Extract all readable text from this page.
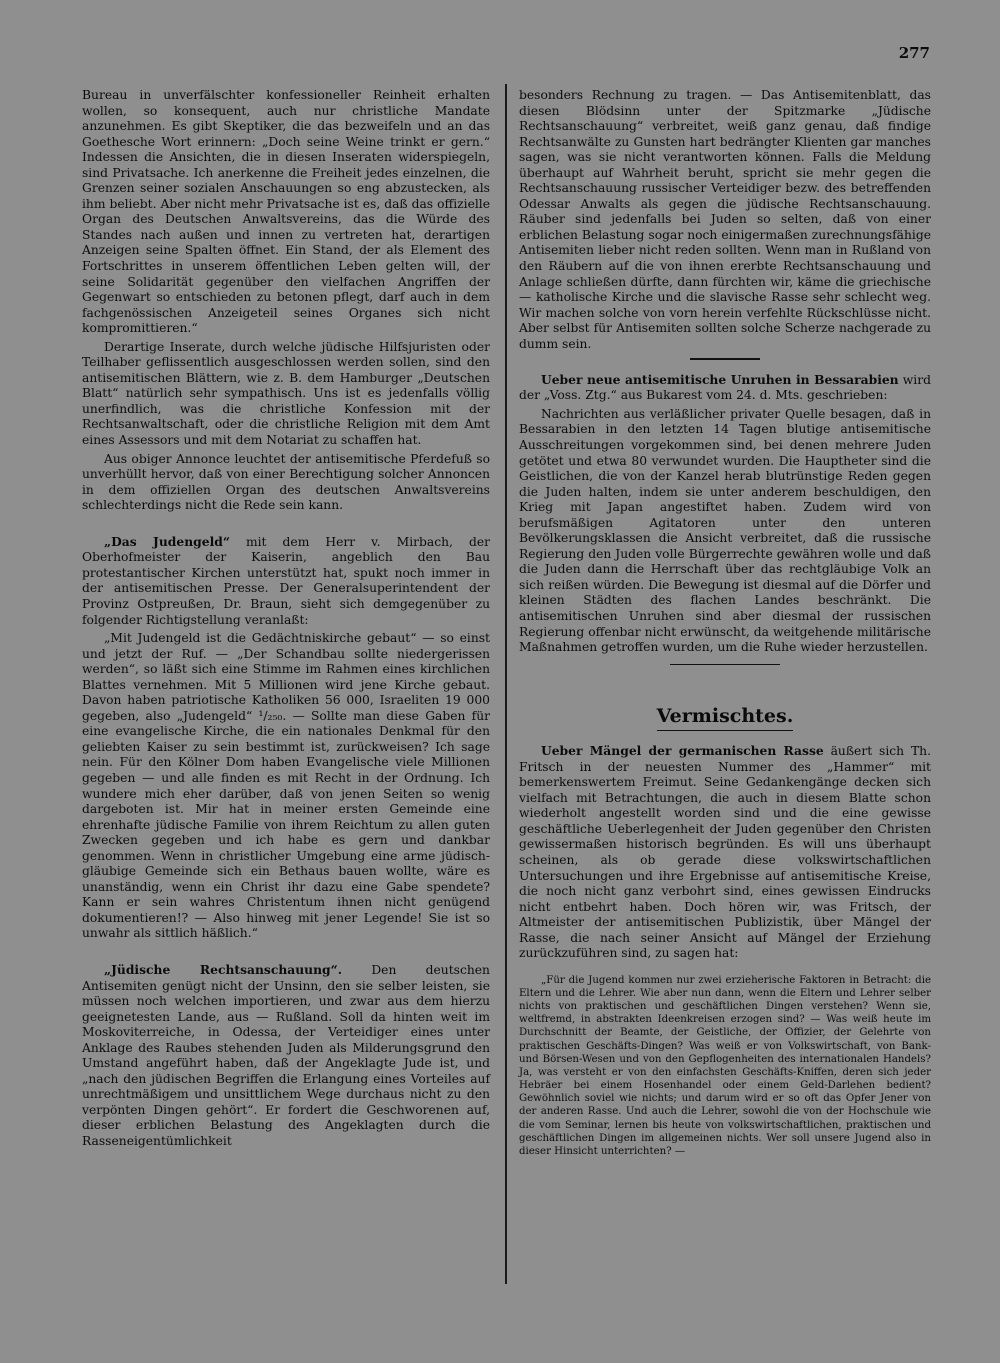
277

Bureau in unverfälschter konfessioneller Reinheit erhalten wollen, so konsequent, auch nur christliche Mandate anzunehmen. Es gibt Skeptiker, die das bezweifeln und an das Goethesche Wort erinnern: „Doch seine Weine trinkt er gern.“ Indessen die Ansichten, die in diesen Inseraten widerspiegeln, sind Privatsache. Ich anerkenne die Freiheit jedes einzelnen, die Grenzen seiner sozialen Anschauungen so eng abzustecken, als ihm beliebt. Aber nicht mehr Privatsache ist es, daß das offizielle Organ des Deutschen Anwaltsvereins, das die Würde des Standes nach außen und innen zu vertreten hat, derartigen Anzeigen seine Spalten öffnet. Ein Stand, der als Element des Fortschrittes in unserem öffentlichen Leben gelten will, der seine Solidarität gegenüber den vielfachen Angriffen der Gegenwart so entschieden zu betonen pflegt, darf auch in dem fachgenössischen Anzeigeteil seines Organes sich nicht kompromittieren.“

Derartige Inserate, durch welche jüdische Hilfsjuristen oder Teilhaber geflissentlich ausgeschlossen werden sollen, sind den antisemitischen Blättern, wie z. B. dem Hamburger „Deutschen Blatt“ natürlich sehr sympathisch. Uns ist es jedenfalls völlig unerfindlich, was die christliche Konfession mit der Rechtsanwaltschaft, oder die christliche Religion mit dem Amt eines Assessors und mit dem Notariat zu schaffen hat.

Aus obiger Annonce leuchtet der antisemitische Pferdefuß so unverhüllt hervor, daß von einer Berechtigung solcher Annoncen in dem offiziellen Organ des deutschen Anwaltsvereins schlechterdings nicht die Rede sein kann.

„Das Judengeld“ mit dem Herr v. Mirbach, der Oberhofmeister der Kaiserin, angeblich den Bau protestantischer Kirchen unterstützt hat, spukt noch immer in der antisemitischen Presse. Der Generalsuperintendent der Provinz Ostpreußen, Dr. Braun, sieht sich demgegenüber zu folgender Richtigstellung veranlaßt:

„Mit Judengeld ist die Gedächtniskirche gebaut“ — so einst und jetzt der Ruf. — „Der Schandbau sollte niedergerissen werden“, so läßt sich eine Stimme im Rahmen eines kirchlichen Blattes vernehmen. Mit 5 Millionen wird jene Kirche gebaut. Davon haben patriotische Katholiken 56 000, Israeliten 19 000 gegeben, also „Judengeld“ ¹/₂₅₀. — Sollte man diese Gaben für eine evangelische Kirche, die ein nationales Denkmal für den geliebten Kaiser zu sein bestimmt ist, zurückweisen? Ich sage nein. Für den Kölner Dom haben Evangelische viele Millionen gegeben — und alle finden es mit Recht in der Ordnung. Ich wundere mich eher darüber, daß von jenen Seiten so wenig dargeboten ist. Mir hat in meiner ersten Gemeinde eine ehrenhafte jüdische Familie von ihrem Reichtum zu allen guten Zwecken gegeben und ich habe es gern und dankbar genommen. Wenn in christlicher Umgebung eine arme jüdisch-gläubige Gemeinde sich ein Bethaus bauen wollte, wäre es unanständig, wenn ein Christ ihr dazu eine Gabe spendete? Kann er sein wahres Christentum ihnen nicht genügend dokumentieren!? — Also hinweg mit jener Legende! Sie ist so unwahr als sittlich häßlich.“

„Jüdische Rechtsanschauung“. Den deutschen Antisemiten genügt nicht der Unsinn, den sie selber leisten, sie müssen noch welchen importieren, und zwar aus dem hierzu geeignetesten Lande, aus — Rußland. Soll da hinten weit im Moskoviterreiche, in Odessa, der Verteidiger eines unter Anklage des Raubes stehenden Juden als Milderungsgrund den Umstand angeführt haben, daß der Angeklagte Jude ist, und „nach den jüdischen Begriffen die Erlangung eines Vorteiles auf unrechtmäßigem und unsittlichem Wege durchaus nicht zu den verpönten Dingen gehört“. Er fordert die Geschworenen auf, dieser erblichen Belastung des Angeklagten durch die Rasseneigentümlichkeit

besonders Rechnung zu tragen. — Das Antisemitenblatt, das diesen Blödsinn unter der Spitzmarke „Jüdische Rechtsanschauung“ verbreitet, weiß ganz genau, daß findige Rechtsanwälte zu Gunsten hart bedrängter Klienten gar manches sagen, was sie nicht verantworten können. Falls die Meldung überhaupt auf Wahrheit beruht, spricht sie mehr gegen die Rechtsanschauung russischer Verteidiger bezw. des betreffenden Odessar Anwalts als gegen die jüdische Rechtsanschauung. Räuber sind jedenfalls bei Juden so selten, daß von einer erblichen Belastung sogar noch einigermaßen zurechnungsfähige Antisemiten lieber nicht reden sollten. Wenn man in Rußland von den Räubern auf die von ihnen ererbte Rechtsanschauung und Anlage schließen dürfte, dann fürchten wir, käme die griechische — katholische Kirche und die slavische Rasse sehr schlecht weg. Wir machen solche von vorn herein verfehlte Rückschlüsse nicht. Aber selbst für Antisemiten sollten solche Scherze nachgerade zu dumm sein.

Ueber neue antisemitische Unruhen in Bessarabien wird der „Voss. Ztg.“ aus Bukarest vom 24. d. Mts. geschrieben:

Nachrichten aus verläßlicher privater Quelle besagen, daß in Bessarabien in den letzten 14 Tagen blutige antisemitische Ausschreitungen vorgekommen sind, bei denen mehrere Juden getötet und etwa 80 verwundet wurden. Die Hauptheter sind die Geistlichen, die von der Kanzel herab blutrünstige Reden gegen die Juden halten, indem sie unter anderem beschuldigen, den Krieg mit Japan angestiftet haben. Zudem wird von berufsmäßigen Agitatoren unter den unteren Bevölkerungsklassen die Ansicht verbreitet, daß die russische Regierung den Juden volle Bürgerrechte gewähren wolle und daß die Juden dann die Herrschaft über das rechtgläubige Volk an sich reißen würden. Die Bewegung ist diesmal auf die Dörfer und kleinen Städten des flachen Landes beschränkt. Die antisemitischen Unruhen sind aber diesmal der russischen Regierung offenbar nicht erwünscht, da weitgehende militärische Maßnahmen getroffen wurden, um die Ruhe wieder herzustellen.

Vermischtes.

Ueber Mängel der germanischen Rasse äußert sich Th. Fritsch in der neuesten Nummer des „Hammer“ mit bemerkenswertem Freimut. Seine Gedankengänge decken sich vielfach mit Betrachtungen, die auch in diesem Blatte schon wiederholt angestellt worden sind und die eine gewisse geschäftliche Ueberlegenheit der Juden gegenüber den Christen gewissermaßen historisch begründen. Es will uns überhaupt scheinen, als ob gerade diese volkswirtschaftlichen Untersuchungen und ihre Ergebnisse auf antisemitische Kreise, die noch nicht ganz verbohrt sind, eines gewissen Eindrucks nicht entbehrt haben. Doch hören wir, was Fritsch, der Altmeister der antisemitischen Publizistik, über Mängel der Rasse, die nach seiner Ansicht auf Mängel der Erziehung zurückzuführen sind, zu sagen hat:

„Für die Jugend kommen nur zwei erzieherische Faktoren in Betracht: die Eltern und die Lehrer. Wie aber nun dann, wenn die Eltern und Lehrer selber nichts von praktischen und geschäftlichen Dingen verstehen? Wenn sie, weltfremd, in abstrakten Ideenkreisen erzogen sind? — Was weiß heute im Durchschnitt der Beamte, der Geistliche, der Offizier, der Gelehrte von praktischen Geschäfts-Dingen? Was weiß er von Volkswirtschaft, von Bank- und Börsen-Wesen und von den Gepflogenheiten des internationalen Handels? Ja, was versteht er von den einfachsten Geschäfts-Kniffen, deren sich jeder Hebräer bei einem Hosenhandel oder einem Geld-Darlehen bedient? Gewöhnlich soviel wie nichts; und darum wird er so oft das Opfer Jener von der anderen Rasse. Und auch die Lehrer, sowohl die von der Hochschule wie die vom Seminar, lernen bis heute von volkswirtschaftlichen, praktischen und geschäftlichen Dingen im allgemeinen nichts. Wer soll unsere Jugend also in dieser Hinsicht unterrichten? —
